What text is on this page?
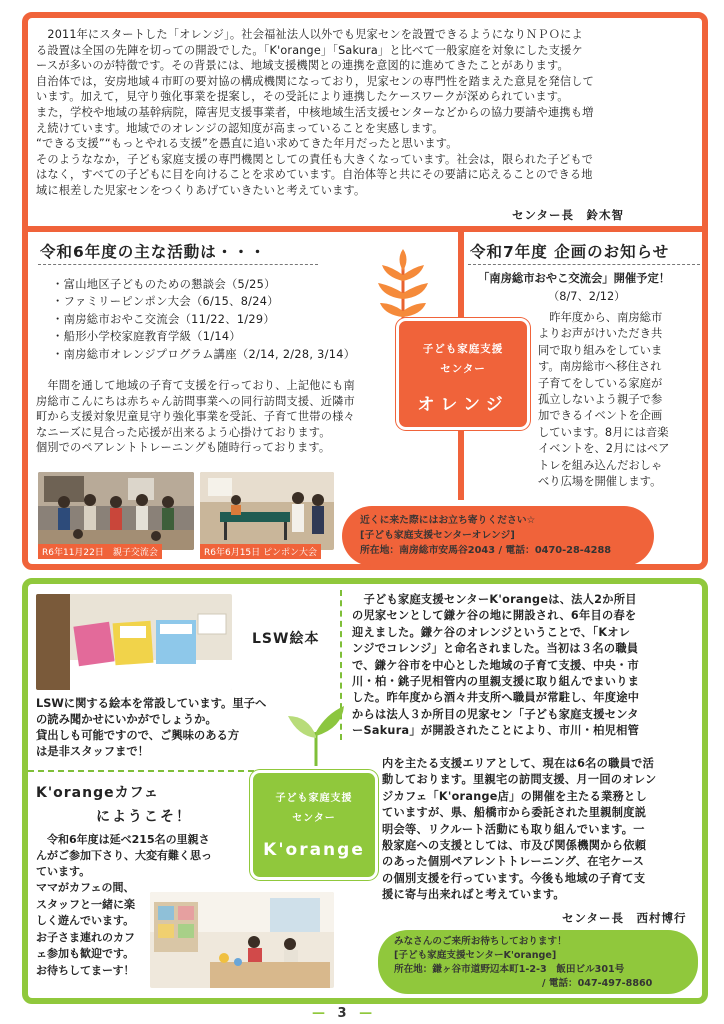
　2011年にスタートした「オレンジ」。社会福祉法人以外でも児家センを設置できるようになりＮＰＯによ

る設置は全国の先陣を切っての開設でした。「K'orange」「Sakura」と比べて一般家庭を対象にした支援ケ

ースが多いのが特徴です。その背景には、地域支援機関との連携を意図的に進めてきたことがあります。

自治体では，安房地域４市町の要対協の構成機関になっており，児家センの専門性を踏まえた意見を発信して

います。加えて，見守り強化事業を提案し，その受託により連携したケースワークが深められています。

また，学校や地域の基幹病院，障害児支援事業者，中核地域生活支援センターなどからの協力要請や連携も増

え続けています。地域でのオレンジの認知度が高まっていることを実感します。

“できる支援”“もっとやれる支援”を愚直に追い求めてきた年月だったと思います。

そのようななか，子ども家庭支援の専門機関としての責任も大きくなっています。社会は，限られた子どもで

はなく，すべての子どもに目を向けることを求めています。自治体等と共にその要請に応えることのできる地

域に根差した児家センをつくりあげていきたいと考えています。

センター長　鈴木智
令和6年度の主な活動は・・・
・富山地区子どものための懇談会（5/25）
・ファミリーピンポン大会（6/15、8/24）
・南房総市おやこ交流会（11/22、1/29）
・船形小学校家庭教育学級（1/14）
・南房総市オレンジプログラム講座（2/14, 2/28, 3/14）

　年間を通して地域の子育て支援を行っており、上記他にも南

房総市こんにちは赤ちゃん訪問事業への同行訪問支援、近隣市

町から支援対象児童見守り強化事業を受託、子育て世帯の様々

なニーズに見合った応援が出来るよう心掛けております。

個別でのペアレントトレーニングも随時行っております。

子ども家庭支援
センター
オレンジ
令和7年度 企画のお知らせ
「南房総市おやこ交流会」開催予定！
（8/7、2/12）

　昨年度から、南房総市

よりお声がけいただき共

同で取り組みをしていま

す。南房総市へ移住され

子育てをしている家庭が

孤立しないよう親子で参

加できるイベントを企画

しています。8月には音楽

イベントを、2月にはペア

トレを組み込んだおしゃ

べり広場を開催します。

R6年11月22日　親子交流会	R6年6月15日 ピンポン大会
近くに来た際にはお立ち寄りください☆
[子ども家庭支援センターオレンジ]
所在地：南房総市安馬谷2043 / 電話：0470-28-4288
LSW絵本

LSWに関する絵本を常設しています。里子へ

の読み聞かせにいかがでしょうか。

貸出しも可能ですので、ご興味のある方

は是非スタッフまで！

子ども家庭支援
センター
K'orange
K'orangeカフェ
にようこそ！

　令和6年度は延べ215名の里親さ

んがご参加下さり、大変有難く思っ

ています。

ママがカフェの間、

スタッフと一緒に楽

しく遊んでいます。

お子さま連れのカフ

ェ参加も歓迎です。

お待ちしてまーす！

　子ども家庭支援センターK'orangeは、法人2か所目

の児家センとして鎌ケ谷の地に開設され、6年目の春を

迎えました。鎌ケ谷のオレンジということで、「Kオレ

ンジでコレンジ」と命名されました。当初は３名の職員

で、鎌ケ谷市を中心とした地域の子育て支援、中央・市

川・柏・銚子児相管内の里親支援に取り組んでまいりま

した。昨年度から酒々井支所へ職員が常駐し、年度途中

からは法人３か所目の児家セン「子ども家庭支援センタ

ーSakura」が開設されたことにより、市川・柏児相管

内を主たる支援エリアとして、現在は6名の職員で活

動しております。里親宅の訪問支援、月一回のオレン

ジカフェ「K'orange店」の開催を主たる業務とし

ていますが、県、船橋市から委託された里親制度説

明会等、リクルート活動にも取り組んでいます。一

般家庭への支援としては、市及び関係機関から依頼

のあった個別ペアレントトレーニング、在宅ケース

の個別支援を行っています。今後も地域の子育て支

援に寄与出来ればと考えています。

センター長　西村博行
みなさんのご来所お待ちしております！
[子ども家庭支援センターK'orange]
所在地：鎌ヶ谷市道野辺本町1-2-3　飯田ビル301号
/ 電話：047-497-8860
— 3 —
